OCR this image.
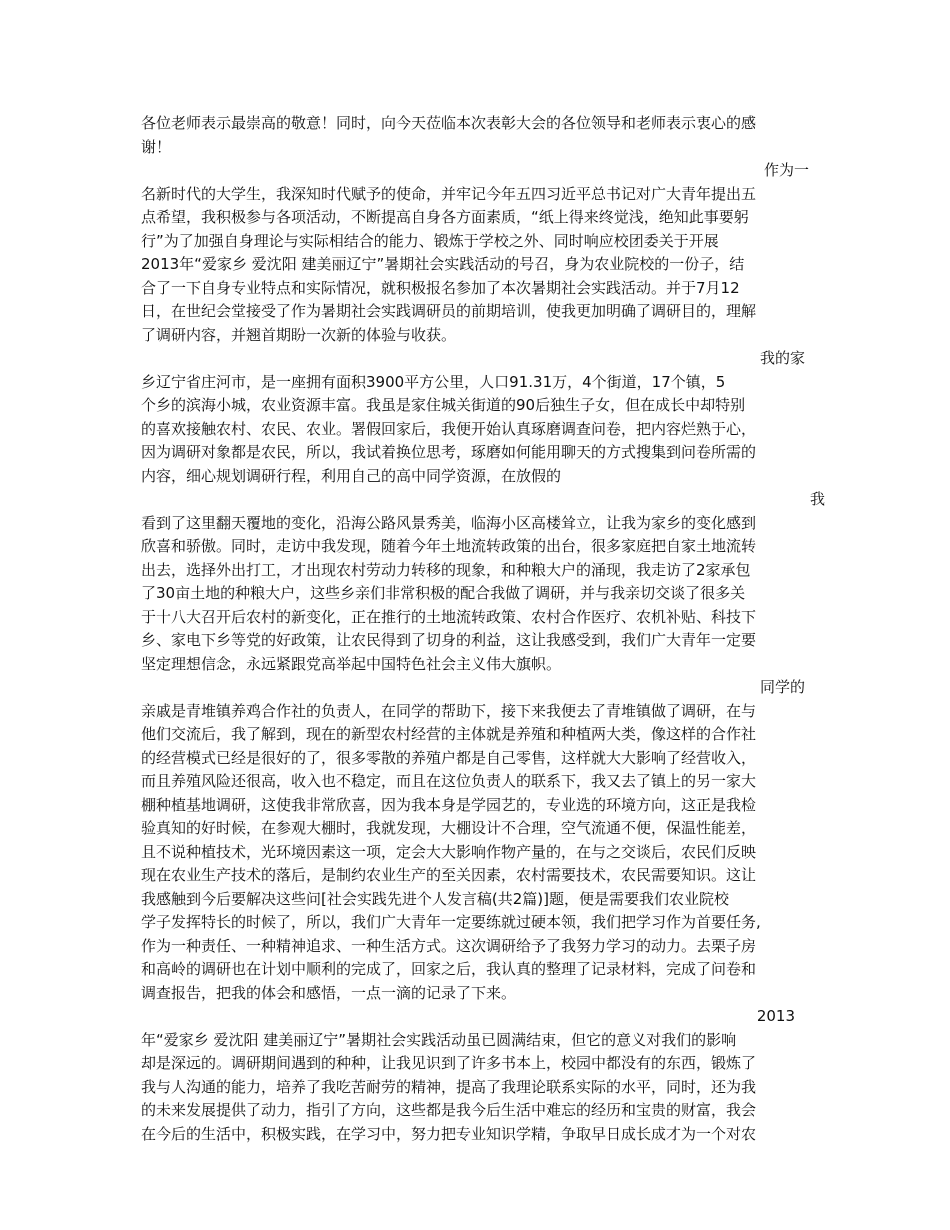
各位老师表示最崇高的敬意！同时，向今天莅临本次表彰大会的各位领导和老师表示衷心的感
谢！
作为一
名新时代的大学生，我深知时代赋予的使命，并牢记今年五四习近平总书记对广大青年提出五
点希望，我积极参与各项活动，不断提高自身各方面素质，“纸上得来终觉浅，绝知此事要躬
行”为了加强自身理论与实际相结合的能力、锻炼于学校之外、同时响应校团委关于开展
2013年“爱家乡 爱沈阳 建美丽辽宁”暑期社会实践活动的号召，身为农业院校的一份子，结
合了一下自身专业特点和实际情况，就积极报名参加了本次暑期社会实践活动。并于7月12
日，在世纪会堂接受了作为暑期社会实践调研员的前期培训，使我更加明确了调研目的，理解
了调研内容，并翘首期盼一次新的体验与收获。
我的家
乡辽宁省庄河市，是一座拥有面积3900平方公里，人口91.31万，4个街道，17个镇，5
个乡的滨海小城，农业资源丰富。我虽是家住城关街道的90后独生子女，但在成长中却特别
的喜欢接触农村、农民、农业。署假回家后，我便开始认真琢磨调查问卷，把内容烂熟于心，
因为调研对象都是农民，所以，我试着换位思考，琢磨如何能用聊天的方式搜集到问卷所需的
内容，细心规划调研行程，利用自己的高中同学资源，在放假的
我
看到了这里翻天覆地的变化，沿海公路风景秀美，临海小区高楼耸立，让我为家乡的变化感到
欣喜和骄傲。同时，走访中我发现，随着今年土地流转政策的出台，很多家庭把自家土地流转
出去，选择外出打工，才出现农村劳动力转移的现象，和种粮大户的涌现，我走访了2家承包
了30亩土地的种粮大户，这些乡亲们非常积极的配合我做了调研，并与我亲切交谈了很多关
于十八大召开后农村的新变化，正在推行的土地流转政策、农村合作医疗、农机补贴、科技下
乡、家电下乡等党的好政策，让农民得到了切身的利益，这让我感受到，我们广大青年一定要
坚定理想信念，永远紧跟党高举起中国特色社会主义伟大旗帜。
同学的
亲戚是青堆镇养鸡合作社的负责人，在同学的帮助下，接下来我便去了青堆镇做了调研，在与
他们交流后，我了解到，现在的新型农村经营的主体就是养殖和种植两大类，像这样的合作社
的经营模式已经是很好的了，很多零散的养殖户都是自己零售，这样就大大影响了经营收入，
而且养殖风险还很高，收入也不稳定，而且在这位负责人的联系下，我又去了镇上的另一家大
棚种植基地调研，这使我非常欣喜，因为我本身是学园艺的，专业选的环境方向，这正是我检
验真知的好时候，在参观大棚时，我就发现，大棚设计不合理，空气流通不便，保温性能差，
且不说种植技术，光环境因素这一项，定会大大影响作物产量的，在与之交谈后，农民们反映
现在农业生产技术的落后，是制约农业生产的至关因素，农村需要技术，农民需要知识。这让
我感触到今后要解决这些问[社会实践先进个人发言稿(共2篇)]题，便是需要我们农业院校
学子发挥特长的时候了，所以，我们广大青年一定要练就过硬本领，我们把学习作为首要任务,
作为一种责任、一种精神追求、一种生活方式。这次调研给予了我努力学习的动力。去栗子房
和高岭的调研也在计划中顺利的完成了，回家之后，我认真的整理了记录材料，完成了问卷和
调查报告，把我的体会和感悟，一点一滴的记录了下来。
2013
年“爱家乡 爱沈阳 建美丽辽宁”暑期社会实践活动虽已圆满结束，但它的意义对我们的影响
却是深远的。调研期间遇到的种种，让我见识到了许多书本上，校园中都没有的东西，锻炼了
我与人沟通的能力，培养了我吃苦耐劳的精神，提高了我理论联系实际的水平，同时，还为我
的未来发展提供了动力，指引了方向，这些都是我今后生活中难忘的经历和宝贵的财富，我会
在今后的生活中，积极实践，在学习中，努力把专业知识学精，争取早日成长成才为一个对农
